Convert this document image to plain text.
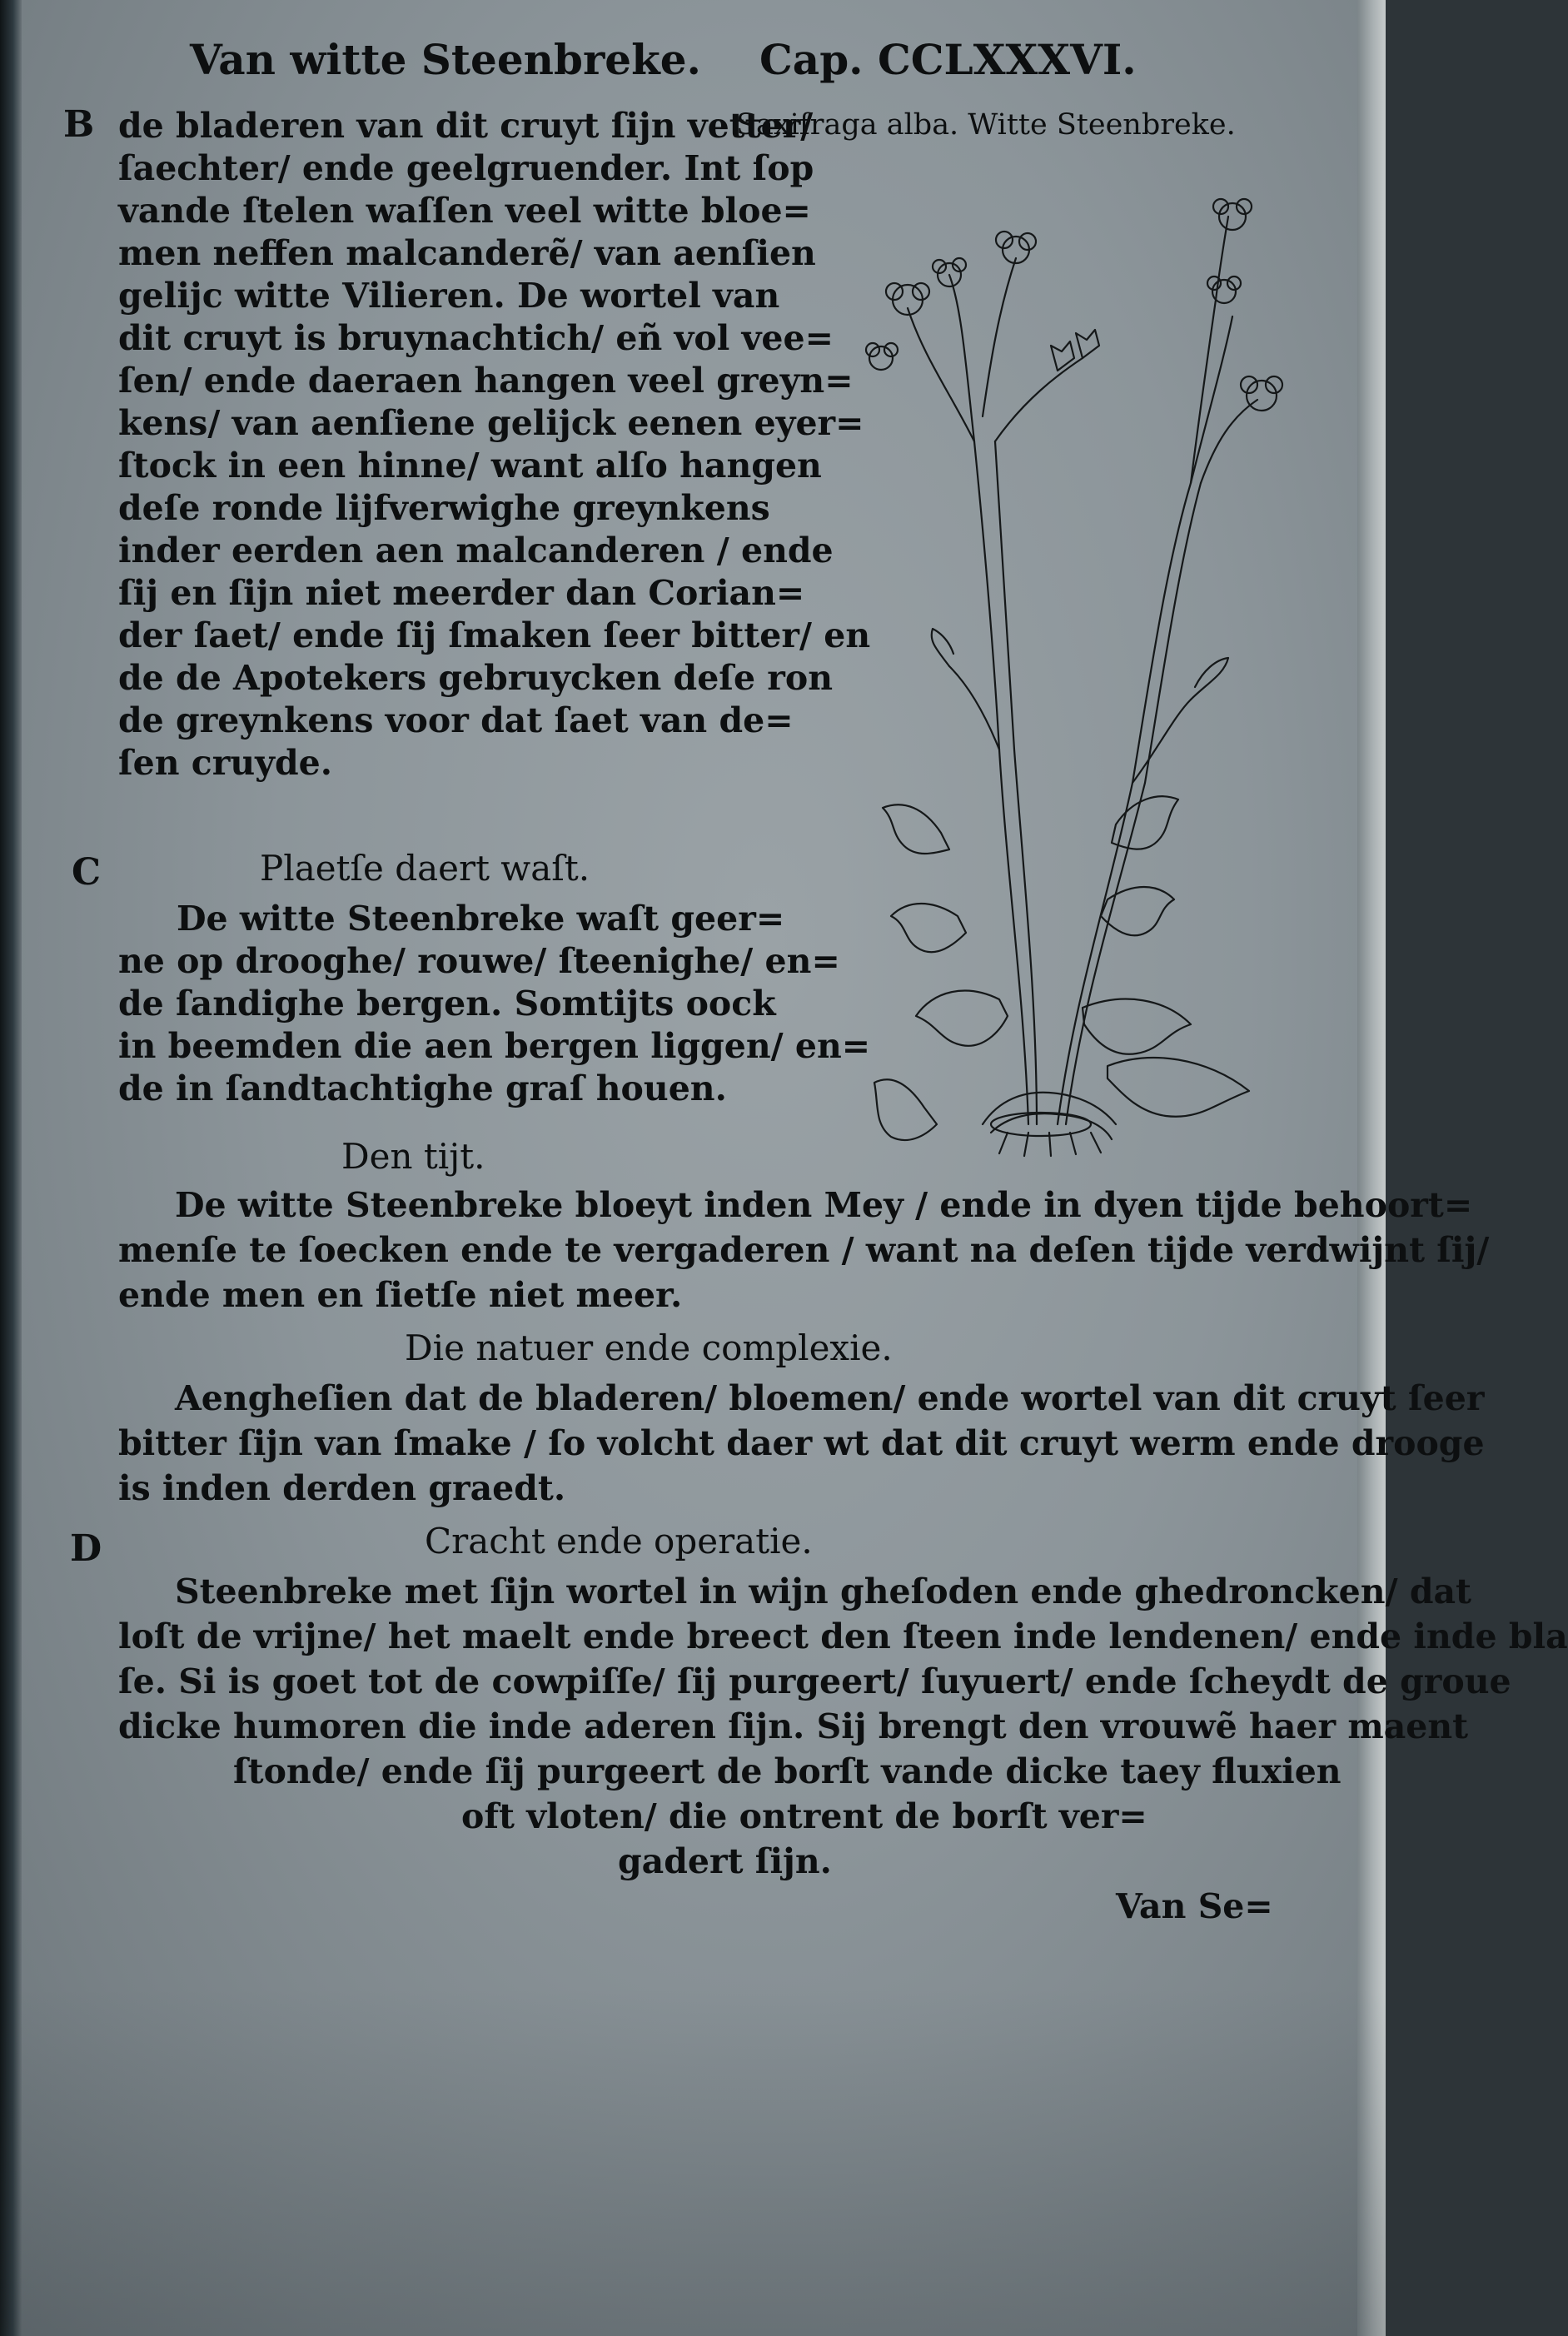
Van witte Steenbreke. Cap. CCLXXXVI.

Saxifraga alba. Witte Steenbreke.

B de bladeren van dit cruyt ſijn vetter/
ſaechter/ ende geelgruender. Int ſop
vande ſtelen waſſen veel witte bloe=
men neffen malcanderẽ/ van aenſien
gelijc witte Vilieren. De wortel van
dit cruyt is bruynachtich/ eñ vol vee=
ſen/ ende daeraen hangen veel greyn=
kens/ van aenſiene gelijck eenen eyer=
ſtock in een hinne/ want alſo hangen
deſe ronde lijfverwighe greynkens
inder eerden aen malcanderen / ende
ſij en ſijn niet meerder dan Corian=
der ſaet/ ende ſij ſmaken ſeer bitter/ en
de de Apotekers gebruycken deſe ron
de greynkens voor dat ſaet van de=
ſen cruyde.

C	Plaetſe daert waſt.

De witte Steenbreke waſt geer=
ne op drooghe/ rouwe/ ſteenighe/ en=
de ſandighe bergen. Somtijts oock
in beemden die aen bergen liggen/ en=
de in ſandtachtighe graſ houen.

Den tijt.

De witte Steenbreke bloeyt inden Mey / ende in dyen tijde behoort=
menſe te ſoecken ende te vergaderen / want na deſen tijde verdwijnt ſij/
ende men en ſietſe niet meer.

Die natuer ende complexie.

Aengheſien dat de bladeren/ bloemen/ ende wortel van dit cruyt ſeer
bitter ſijn van ſmake / ſo volcht daer wt dat dit cruyt werm ende drooge
is inden derden graedt.

D	Cracht ende operatie.

Steenbreke met ſijn wortel in wijn gheſoden ende ghedroncken/ dat
loſt de vrijne/ het maelt ende breect den ſteen inde lendenen/ ende inde bla
ſe. Si is goet tot de cowpiſſe/ ſij purgeert/ ſuyuert/ ende ſcheydt de groue
dicke humoren die inde aderen ſijn. Sij brengt den vrouwẽ haer maent
ſtonde/ ende ſij purgeert de borſt vande dicke taey fluxien
oft vloten/ die ontrent de borſt ver=
gadert ſijn.

Van Se=
